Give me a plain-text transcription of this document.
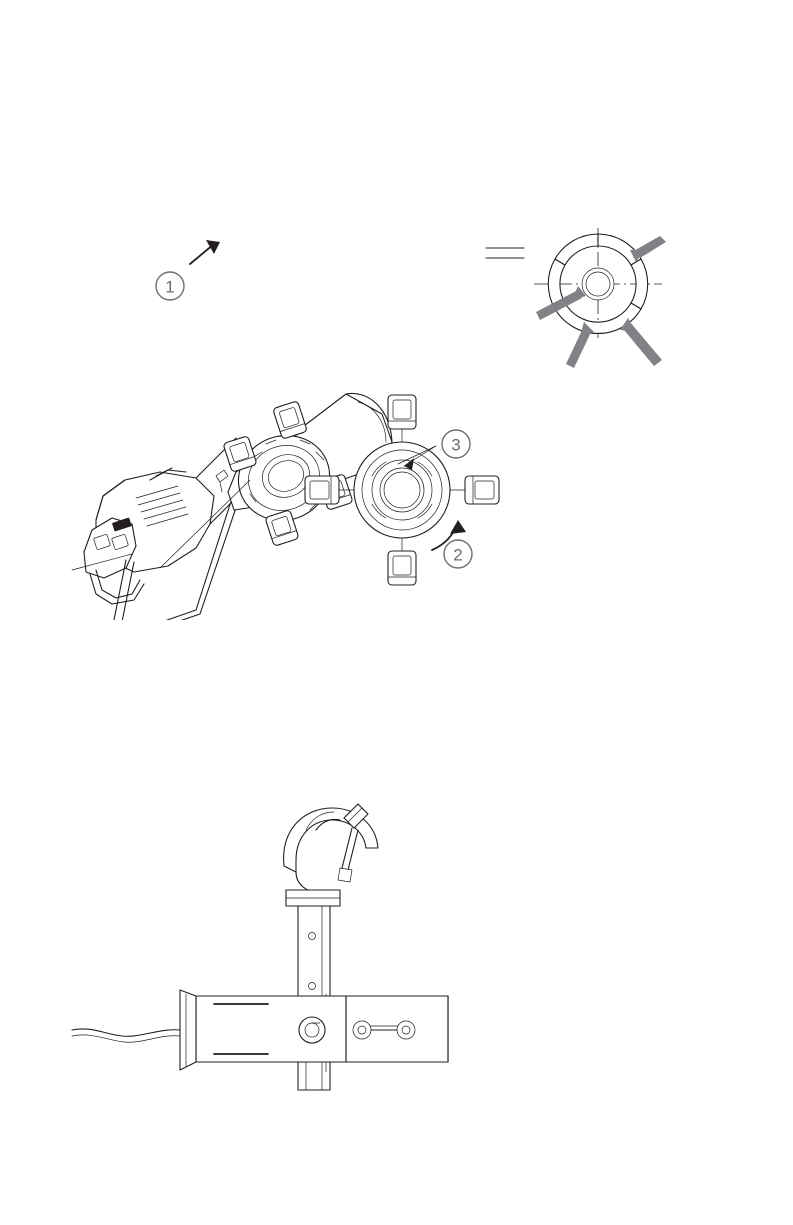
1
3
2
